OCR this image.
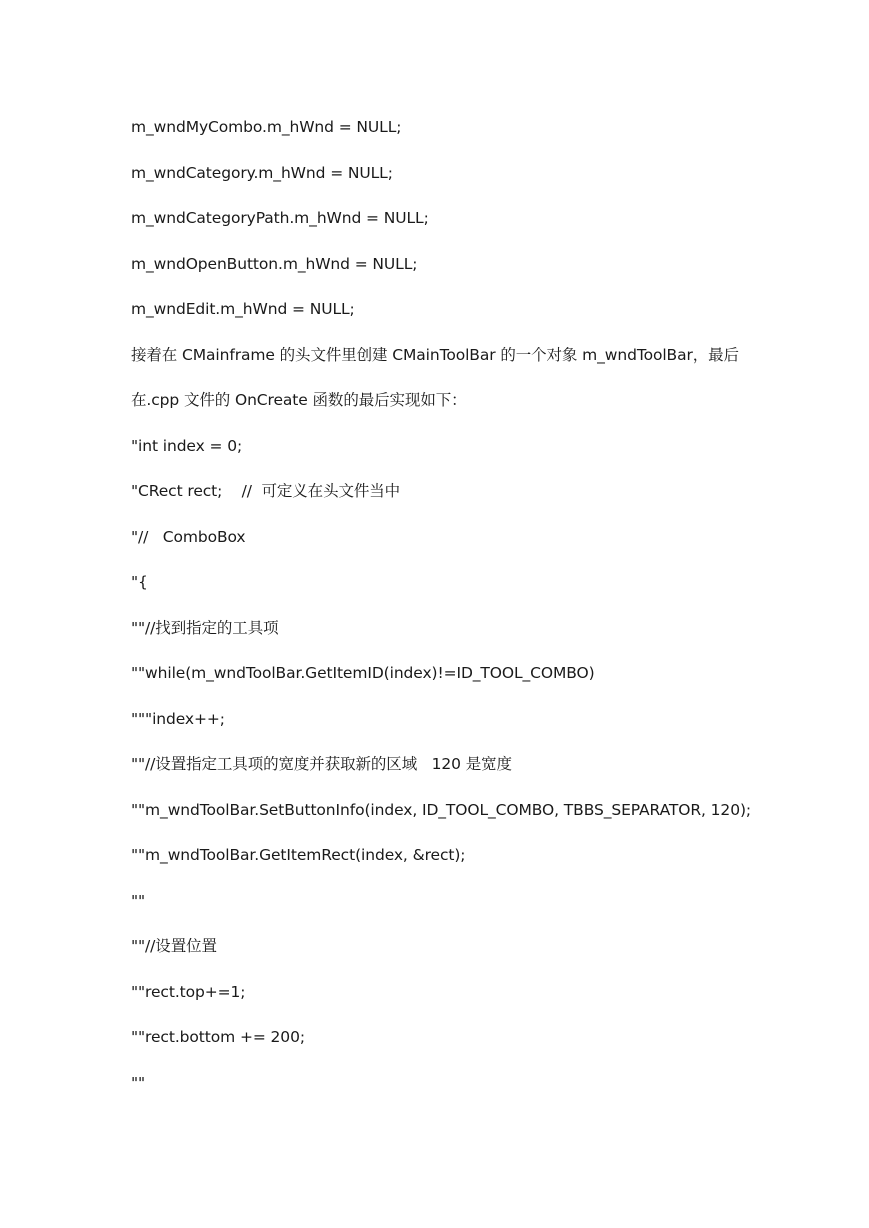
m_wndMyCombo.m_hWnd = NULL;
m_wndCategory.m_hWnd = NULL;
m_wndCategoryPath.m_hWnd = NULL;
m_wndOpenButton.m_hWnd = NULL;
m_wndEdit.m_hWnd = NULL;
接着在 CMainframe 的头文件里创建 CMainToolBar 的一个对象 m_wndToolBar，最后
在.cpp 文件的 OnCreate 函数的最后实现如下：
"int index = 0;
"CRect rect;    //  可定义在头文件当中
"//   ComboBox
"{
""//找到指定的工具项
""while(m_wndToolBar.GetItemID(index)!=ID_TOOL_COMBO)
"""index++;
""//设置指定工具项的宽度并获取新的区域   120 是宽度
""m_wndToolBar.SetButtonInfo(index, ID_TOOL_COMBO, TBBS_SEPARATOR, 120);
""m_wndToolBar.GetItemRect(index, &rect);
""
""//设置位置
""rect.top+=1;
""rect.bottom += 200;
""
